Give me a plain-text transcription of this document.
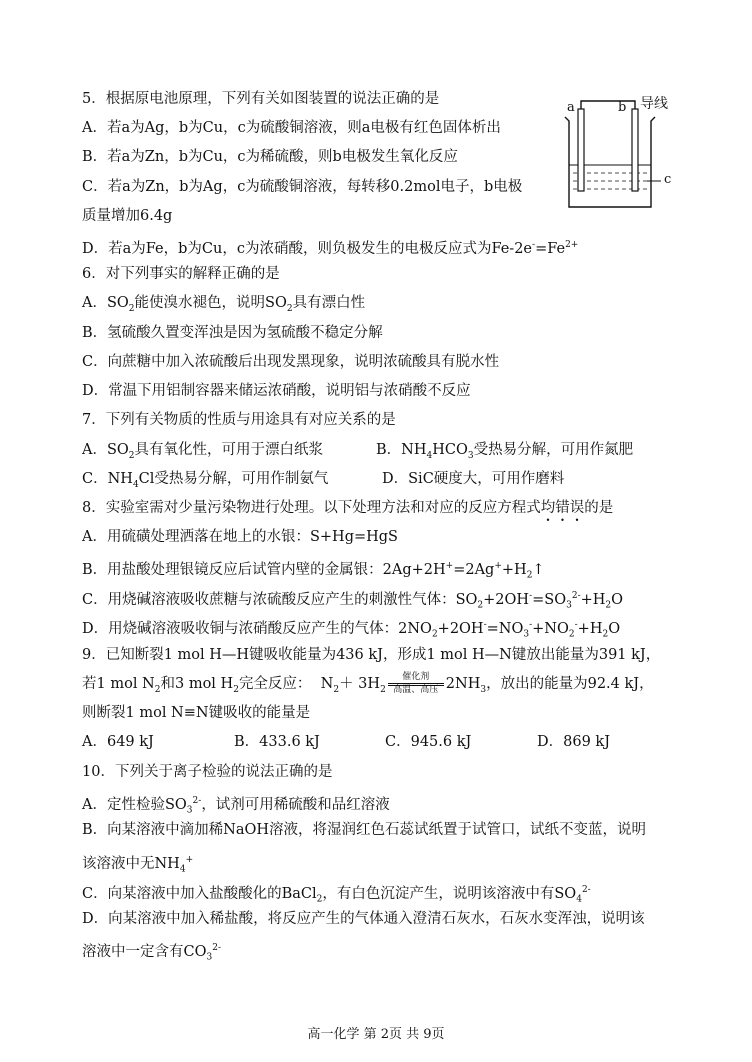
5．根据原电池原理，下列有关如图装置的说法正确的是
A．若a为Ag，b为Cu，c为硫酸铜溶液，则a电极有红色固体析出
B．若a为Zn，b为Cu，c为稀硫酸，则b电极发生氧化反应
C．若a为Zn，b为Ag，c为硫酸铜溶液，每转移0.2mol电子，b电极
质量增加6.4g
D．若a为Fe，b为Cu，c为浓硝酸，则负极发生的电极反应式为$Fe-2e^-=Fe^{2+}$
a	b 导线
c
6．对下列事实的解释正确的是
A．$SO_2$能使溴水褪色，说明$SO_2$具有漂白性
B．氢硫酸久置变浑浊是因为氢硫酸不稳定分解
C．向蔗糖中加入浓硫酸后出现发黑现象，说明浓硫酸具有脱水性
D．常温下用铝制容器来储运浓硝酸，说明铝与浓硝酸不反应
7．下列有关物质的性质与用途具有对应关系的是
A．$SO_2$具有氧化性，可用于漂白纸浆	B．$NH_4HCO_3$受热易分解，可用作氮肥
C．$NH_4Cl$受热易分解，可用作制氨气	D．SiC硬度大，可用作磨料
8．实验室需对少量污染物进行处理。以下处理方法和对应的反应方程式均错误的是
A．用硫磺处理洒落在地上的水银：S+Hg=HgS
B．用盐酸处理银镜反应后试管内壁的金属银：$2Ag+2H^+=2Ag^++H_2↑$
C．用烧碱溶液吸收蔗糖与浓硫酸反应产生的刺激性气体：$SO_2+2OH^-=SO_3^{2-}+H_2O$
D．用烧碱溶液吸收铜与浓硝酸反应产生的气体：$2NO_2+2OH^-=NO_3^-+NO_2^-+H_2O$
9．已知断裂1 mol H—H键吸收能量为436 kJ，形成1 mol H—N键放出能量为391 kJ，
若1 mol $N_2$和3 mol $H_2$完全反应： $N_2+ 3H_2$
催化剂
高温、高压 $2NH_3$，放出的能量为92.4 kJ，
则断裂1 mol N≡N键吸收的能量是
A．649 kJ	B．433.6 kJ	C．945.6 kJ	D．869 kJ
10．下列关于离子检验的说法正确的是
A．定性检验$SO_3^{2-}$，试剂可用稀硫酸和品红溶液
B．向某溶液中滴加稀NaOH溶液，将湿润红色石蕊试纸置于试管口，试纸不变蓝，说明
该溶液中无$NH_4^+$
C．向某溶液中加入盐酸酸化的BaCl$_2$，有白色沉淀产生，说明该溶液中有$SO_4^{2-}$
D．向某溶液中加入稀盐酸，将反应产生的气体通入澄清石灰水，石灰水变浑浊，说明该
溶液中一定含有$CO_3^{2-}$
高一化学 第 2页 共 9页
